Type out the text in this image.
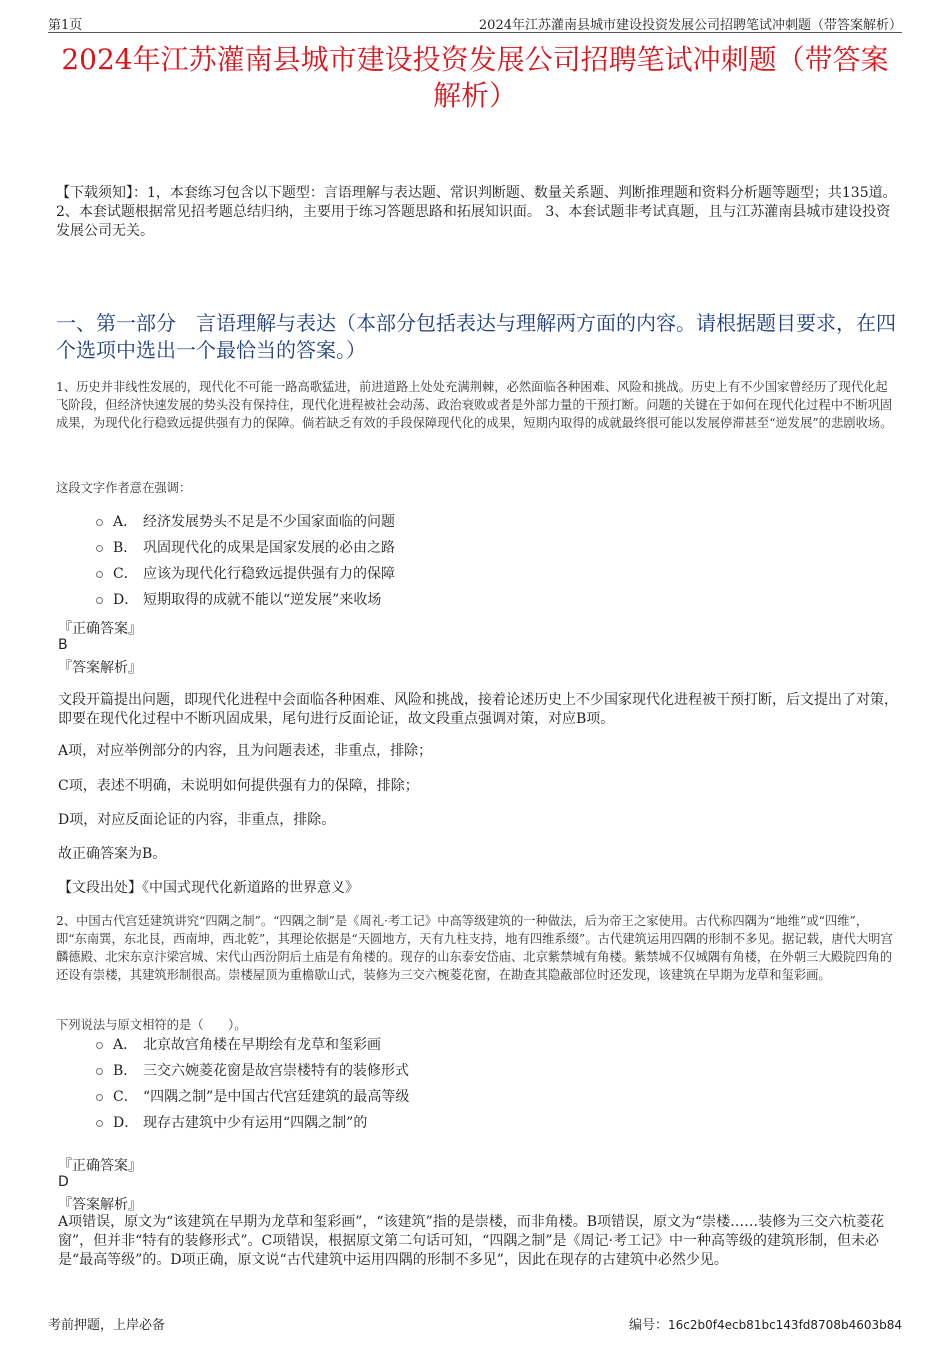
第1页	2024年江苏灌南县城市建设投资发展公司招聘笔试冲刺题（带答案解析）
2024年江苏灌南县城市建设投资发展公司招聘笔试冲刺题（带答案解析）
【下载须知】：1，本套练习包含以下题型：言语理解与表达题、常识判断题、数量关系题、判断推理题和资料分析题等题型；共135道。 2、本套试题根据常见招考题总结归纳，主要用于练习答题思路和拓展知识面。 3、本套试题非考试真题，且与江苏灌南县城市建设投资发展公司无关。
一、第一部分　言语理解与表达（本部分包括表达与理解两方面的内容。请根据题目要求，在四个选项中选出一个最恰当的答案。）
1、历史并非线性发展的，现代化不可能一路高歌猛进，前进道路上处处充满荆棘，必然面临各种困难、风险和挑战。历史上有不少国家曾经历了现代化起飞阶段，但经济快速发展的势头没有保持住，现代化进程被社会动荡、政治衰败或者是外部力量的干预打断。问题的关键在于如何在现代化过程中不断巩固成果，为现代化行稳致远提供强有力的保障。倘若缺乏有效的手段保障现代化的成果，短期内取得的成就最终很可能以发展停滞甚至“逆发展”的悲剧收场。
这段文字作者意在强调：
A． 经济发展势头不足是不少国家面临的问题
B． 巩固现代化的成果是国家发展的必由之路
C． 应该为现代化行稳致远提供强有力的保障
D． 短期取得的成就不能以“逆发展”来收场
『正确答案』
B
『答案解析』
文段开篇提出问题，即现代化进程中会面临各种困难、风险和挑战，接着论述历史上不少国家现代化进程被干预打断，后文提出了对策，即要在现代化过程中不断巩固成果，尾句进行反面论证，故文段重点强调对策，对应B项。
A项，对应举例部分的内容，且为问题表述，非重点，排除；
C项，表述不明确，未说明如何提供强有力的保障，排除；
D项，对应反面论证的内容，非重点，排除。
故正确答案为B。
【文段出处】《中国式现代化新道路的世界意义》
2、中国古代宫廷建筑讲究“四隅之制”。“四隅之制”是《周礼·考工记》中高等级建筑的一种做法，后为帝王之家使用。古代称四隅为“地维”或“四维”，即“东南巽，东北艮，西南坤，西北乾”，其理论依据是“天圆地方，天有九柱支持，地有四维系缀”。古代建筑运用四隅的形制不多见。据记载，唐代大明宫麟德殿、北宋东京汴梁宫城、宋代山西汾阴后土庙是有角楼的。现存的山东泰安岱庙、北京紫禁城有角楼。紫禁城不仅城隅有角楼，在外朝三大殿院四角的还设有崇楼，其建筑形制很高。崇楼屋顶为重檐歇山式，装修为三交六椀菱花窗，在勘查其隐蔽部位时还发现，该建筑在早期为龙草和玺彩画。
下列说法与原文相符的是（　　）。
A． 北京故宫角楼在早期绘有龙草和玺彩画
B． 三交六婉菱花窗是故宫崇楼特有的装修形式
C． “四隅之制”是中国古代宫廷建筑的最高等级
D． 现存古建筑中少有运用“四隅之制”的
『正确答案』
D
『答案解析』
A项错误，原文为“该建筑在早期为龙草和玺彩画”，“该建筑”指的是崇楼，而非角楼。B项错误，原文为“崇楼……装修为三交六杭菱花窗”，但并非“特有的装修形式”。C项错误，根据原文第二句话可知，“四隅之制”是《周记·考工记》中一种高等级的建筑形制，但未必是“最高等级”的。D项正确，原文说“古代建筑中运用四隅的形制不多见”，因此在现存的古建筑中必然少见。
考前押题，上岸必备	编号：16c2b0f4ecb81bc143fd8708b4603b84
